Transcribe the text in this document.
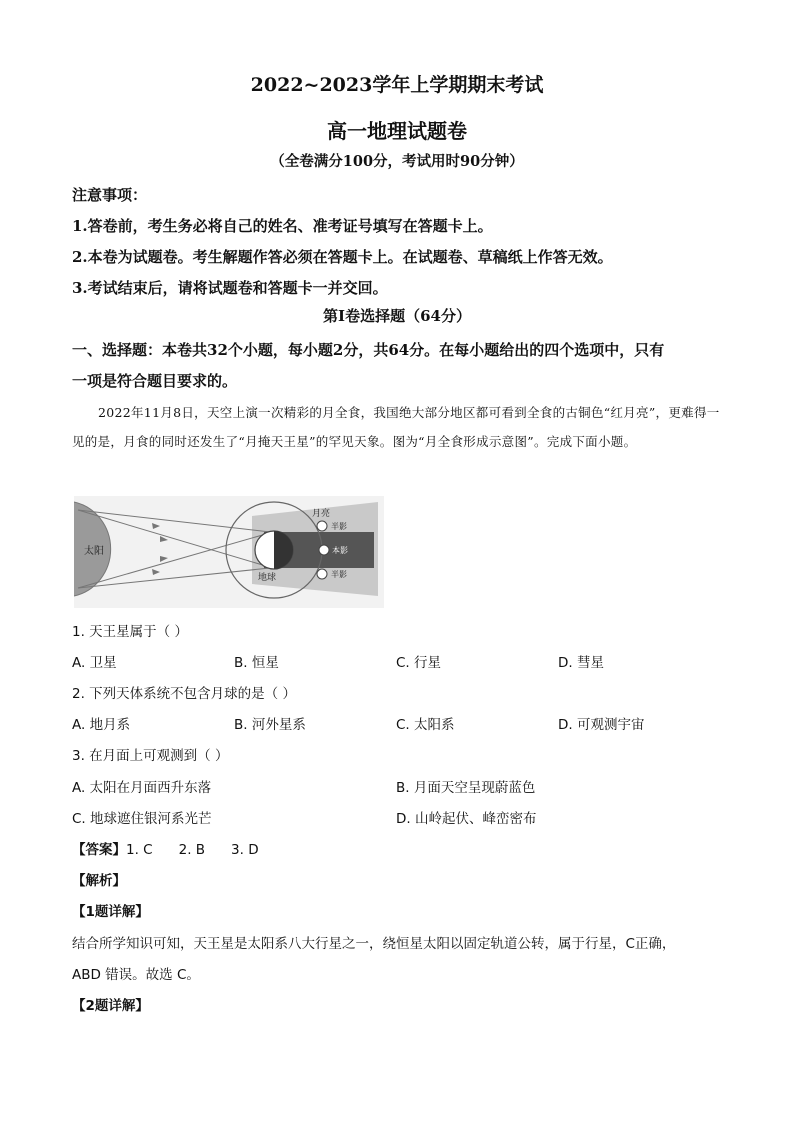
2022~2023学年上学期期末考试
高一地理试题卷
（全卷满分100分，考试用时90分钟）
注意事项：
1.答卷前，考生务必将自己的姓名、准考证号填写在答题卡上。
2.本卷为试题卷。考生解题作答必须在答题卡上。在试题卷、草稿纸上作答无效。
3.考试结束后，请将试题卷和答题卡一并交回。
第Ⅰ卷选择题（64分）
一、选择题：本卷共32个小题，每小题2分，共64分。在每小题给出的四个选项中，只有
一项是符合题目要求的。
2022年11月8日，天空上演一次精彩的月全食，我国绝大部分地区都可看到全食的古铜色“红月亮”，更难得一见的是，月食的同时还发生了“月掩天王星”的罕见天象。图为“月全食形成示意图”。完成下面小题。
太阳
地球
月亮
半影
本影
半影
1. 天王星属于（ ）
A. 卫星	B. 恒星	C. 行星	D. 彗星
2. 下列天体系统不包含月球的是（ ）
A. 地月系	B. 河外星系	C. 太阳系	D. 可观测宇宙
3. 在月面上可观测到（ ）
A. 太阳在月面西升东落	B. 月面天空呈现蔚蓝色
C. 地球遮住银河系光芒	D. 山岭起伏、峰峦密布
【答案】1. C 2. B 3. D
【解析】
【1题详解】
结合所学知识可知，天王星是太阳系八大行星之一，绕恒星太阳以固定轨道公转，属于行星，C正确，
ABD 错误。故选 C。
【2题详解】
